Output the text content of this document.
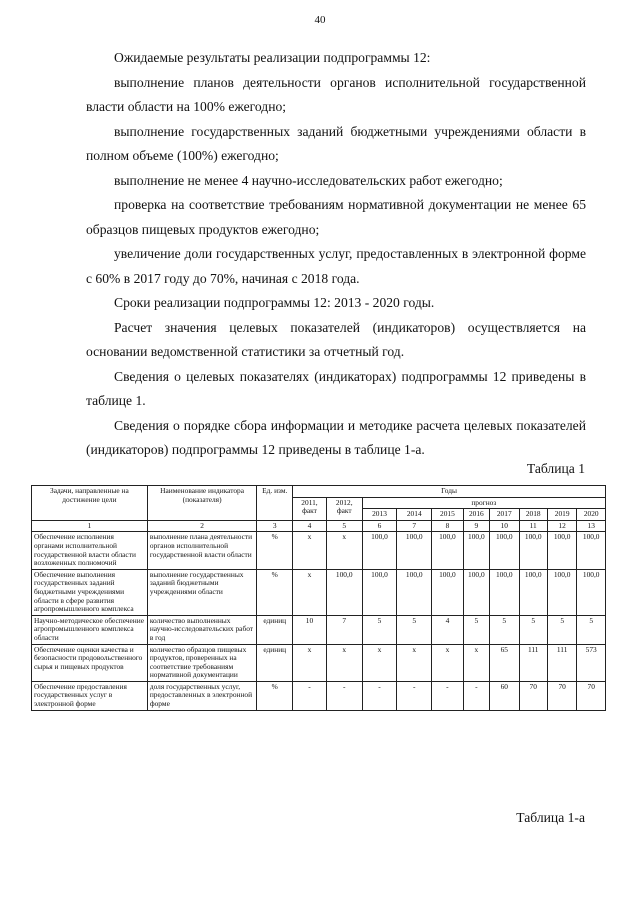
40

Ожидаемые результаты реализации подпрограммы 12:

выполнение планов деятельности органов исполнительной государственной власти области на 100% ежегодно;

выполнение государственных заданий бюджетными учреждениями области в полном объеме (100%) ежегодно;

выполнение не менее 4 научно-исследовательских работ ежегодно;

проверка на соответствие требованиям нормативной документации не менее 65 образцов пищевых продуктов ежегодно;

увеличение доли государственных услуг, предоставленных в электронной форме с 60% в 2017 году до 70%, начиная с 2018 года.

Сроки реализации подпрограммы 12: 2013 - 2020 годы.

Расчет значения целевых показателей (индикаторов) осуществляется на основании ведомственной статистики за отчетный год.

Сведения о целевых показателях (индикаторах) подпрограммы 12 приведены в таблице 1.

Сведения о порядке сбора информации и методике расчета целевых показателей (индикаторов) подпрограммы 12 приведены в таблице 1-а.

Таблица 1
Задачи, направленные на достижение цели	Наименование индикатора (показателя)	Ед. изм.	Годы									
			2011, факт	2012, факт	прогноз							
					2013	2014	2015	2016	2017	2018	2019	2020
1	2	3	4	5	6	7	8	9	10	11	12	13
Обеспечение исполнения органами исполнительной государственной власти области возложенных полномочий	выполнение плана деятельности органов исполнительной государственной власти области	%	x	x	100,0	100,0	100,0	100,0	100,0	100,0	100,0	100,0
Обеспечение выполнения государственных заданий бюджетными учреждениями области в сфере развития агропромышленного комплекса	выполнение государственных заданий бюджетными учреждениями области	%	x	100,0	100,0	100,0	100,0	100,0	100,0	100,0	100,0	100,0
Научно-методическое обеспечение агропромышленного комплекса области	количество выполненных научно-исследовательских работ в год	единиц	10	7	5	5	4	5	5	5	5	5
Обеспечение оценки качества и безопасности продовольственного сырья и пищевых продуктов	количество образцов пищевых продуктов, проверенных на соответствие требованиям нормативной документации	единиц	x	x	x	x	x	x	65	111	111	573
Обеспечение предоставления государственных услуг в электронной форме	доля государственных услуг, предоставленных в электронной форме	%	-	-	-	-	-	-	60	70	70	70
Таблица 1-а
